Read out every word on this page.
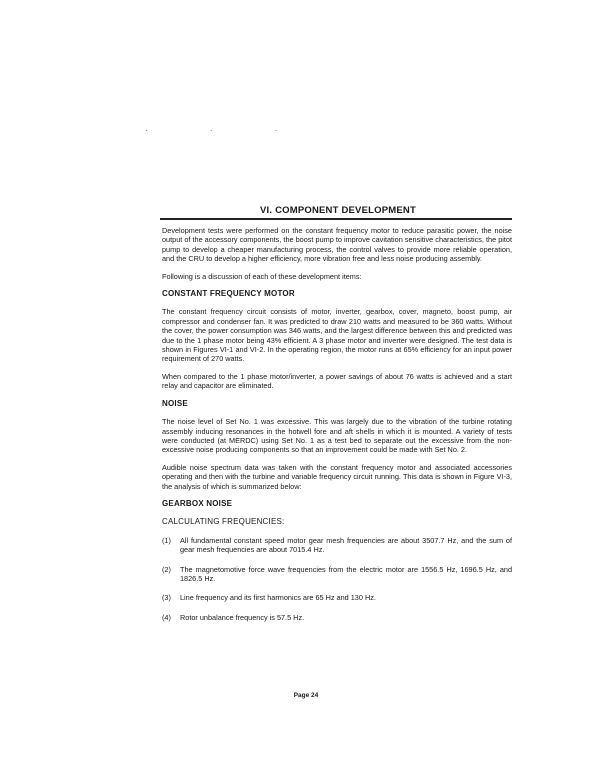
· · ·
VI. COMPONENT DEVELOPMENT

Development tests were performed on the constant frequency motor to reduce parasitic power, the noise output of the accessory components, the boost pump to improve cavitation sensitive characteristics, the pitot pump to develop a cheaper manufacturing process, the control valves to provide more reliable operation, and the CRU to develop a higher efficiency, more vibration free and less noise producing assembly.

Following is a discussion of each of these development items:

CONSTANT FREQUENCY MOTOR

The constant frequency circuit consists of motor, inverter, gearbox, cover, magneto, boost pump, air compressor and condenser fan. It was predicted to draw 210 watts and measured to be 360 watts. Without the cover, the power consumption was 346 watts, and the largest difference between this and predicted was due to the 1 phase motor being 43% efficient. A 3 phase motor and inverter were designed. The test data is shown in Figures VI-1 and VI-2. In the operating region, the motor runs at 65% efficiency for an input power requirement of 270 watts.

When compared to the 1 phase motor/inverter, a power savings of about 76 watts is achieved and a start relay and capacitor are eliminated.

NOISE

The noise level of Set No. 1 was excessive. This was largely due to the vibration of the turbine rotating assembly inducing resonances in the hotwell fore and aft shells in which it is mounted. A variety of tests were conducted (at MERDC) using Set No. 1 as a test bed to separate out the excessive from the non-excessive noise producing components so that an improvement could be made with Set No. 2.

Audible noise spectrum data was taken with the constant frequency motor and associated accessories operating and then with the turbine and variable frequency circuit running. This data is shown in Figure VI-3, the analysis of which is summarized below:

GEARBOX NOISE
CALCULATING FREQUENCIES:
(1) All fundamental constant speed motor gear mesh frequencies are about 3507.7 Hz, and the sum of gear mesh frequencies are about 7015.4 Hz.
(2) The magnetomotive force wave frequencies from the electric motor are 1556.5 Hz, 1696.5 Hz, and 1826.5 Hz.
(3) Line frequency and its first harmonics are 65 Hz and 130 Hz.
(4) Rotor unbalance frequency is 57.5 Hz.
Page 24
